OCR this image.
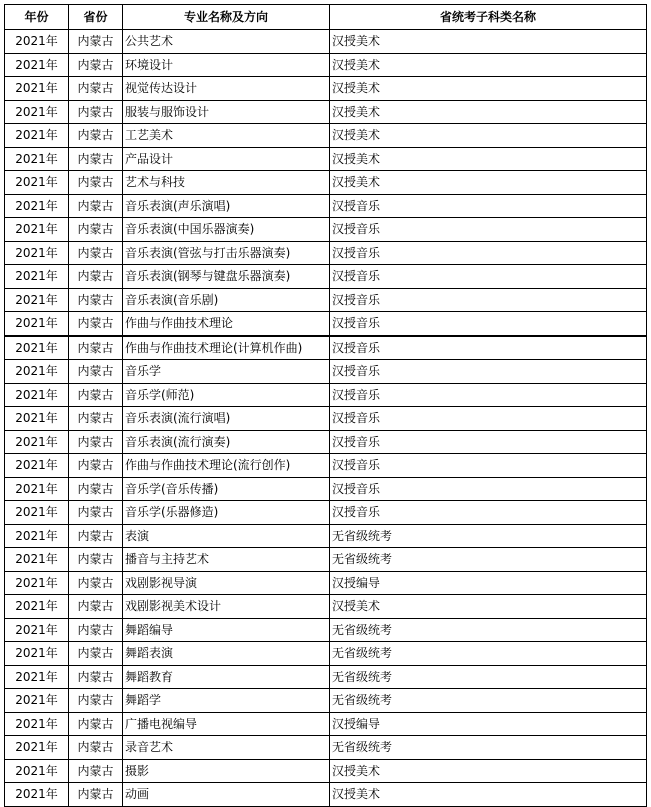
年份	省份	专业名称及方向	省统考子科类名称
2021年	内蒙古	公共艺术	汉授美术
2021年	内蒙古	环境设计	汉授美术
2021年	内蒙古	视觉传达设计	汉授美术
2021年	内蒙古	服装与服饰设计	汉授美术
2021年	内蒙古	工艺美术	汉授美术
2021年	内蒙古	产品设计	汉授美术
2021年	内蒙古	艺术与科技	汉授美术
2021年	内蒙古	音乐表演(声乐演唱)	汉授音乐
2021年	内蒙古	音乐表演(中国乐器演奏)	汉授音乐
2021年	内蒙古	音乐表演(管弦与打击乐器演奏)	汉授音乐
2021年	内蒙古	音乐表演(钢琴与键盘乐器演奏)	汉授音乐
2021年	内蒙古	音乐表演(音乐剧)	汉授音乐
2021年	内蒙古	作曲与作曲技术理论	汉授音乐
2021年	内蒙古	作曲与作曲技术理论(计算机作曲)	汉授音乐
2021年	内蒙古	音乐学	汉授音乐
2021年	内蒙古	音乐学(师范)	汉授音乐
2021年	内蒙古	音乐表演(流行演唱)	汉授音乐
2021年	内蒙古	音乐表演(流行演奏)	汉授音乐
2021年	内蒙古	作曲与作曲技术理论(流行创作)	汉授音乐
2021年	内蒙古	音乐学(音乐传播)	汉授音乐
2021年	内蒙古	音乐学(乐器修造)	汉授音乐
2021年	内蒙古	表演	无省级统考
2021年	内蒙古	播音与主持艺术	无省级统考
2021年	内蒙古	戏剧影视导演	汉授编导
2021年	内蒙古	戏剧影视美术设计	汉授美术
2021年	内蒙古	舞蹈编导	无省级统考
2021年	内蒙古	舞蹈表演	无省级统考
2021年	内蒙古	舞蹈教育	无省级统考
2021年	内蒙古	舞蹈学	无省级统考
2021年	内蒙古	广播电视编导	汉授编导
2021年	内蒙古	录音艺术	无省级统考
2021年	内蒙古	摄影	汉授美术
2021年	内蒙古	动画	汉授美术
